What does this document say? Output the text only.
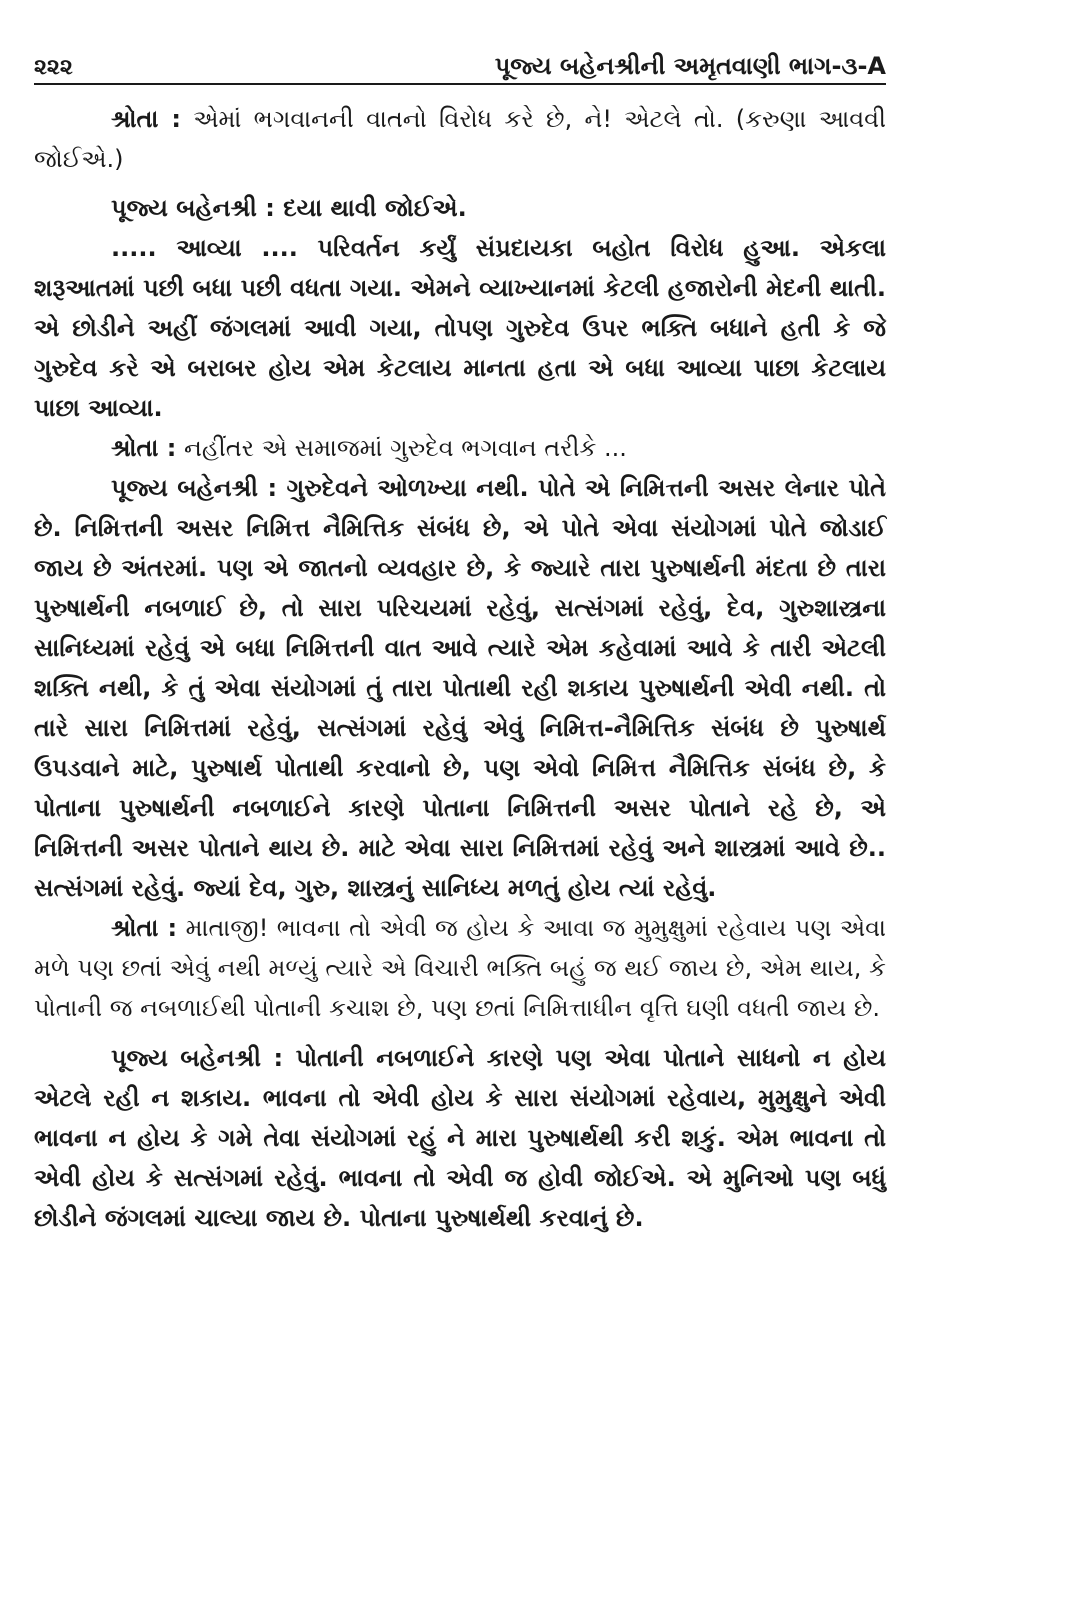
૨૨૨	પૂજ્ય બહેનશ્રીની અમૃતવાણી ભાગ-૩-A

શ્રોતા : એમાં ભગવાનની વાતનો વિરોધ કરે છે, ને! એટલે તો. (કરુણા આવવી જોઈએ.)

પૂજ્ય બહેનશ્રી : દયા થાવી જોઈએ.

..... આવ્યા .... પરિવર્તન કર્યું સંપ્રદાયકા બહોત વિરોધ હુઆ. એકલા શરૂઆતમાં પછી બધા પછી વધતા ગયા. એમને વ્યાખ્યાનમાં કેટલી હજારોની મેદની થાતી. એ છોડીને અહીં જંગલમાં આવી ગયા, તોપણ ગુરુદેવ ઉપર ભક્તિ બધાને હતી કે જે ગુરુદેવ કરે એ બરાબર હોય એમ કેટલાય માનતા હતા એ બધા આવ્યા પાછા કેટલાય પાછા આવ્યા.

શ્રોતા : નહીંતર એ સમાજમાં ગુરુદેવ ભગવાન તરીકે ...

પૂજ્ય બહેનશ્રી : ગુરુદેવને ઓળખ્યા નથી. પોતે એ નિમિત્તની અસર લેનાર પોતે છે. નિમિત્તની અસર નિમિત્ત નૈમિત્તિક સંબંધ છે, એ પોતે એવા સંયોગમાં પોતે જોડાઈ જાય છે અંતરમાં. પણ એ જાતનો વ્યવહાર છે, કે જ્યારે તારા પુરુષાર્થની મંદતા છે તારા પુરુષાર્થની નબળાઈ છે, તો સારા પરિચયમાં રહેવું, સત્સંગમાં રહેવું, દેવ, ગુરુશાસ્ત્રના સાનિધ્યમાં રહેવું એ બધા નિમિત્તની વાત આવે ત્યારે એમ કહેવામાં આવે કે તારી એટલી શક્તિ નથી, કે તું એવા સંયોગમાં તું તારા પોતાથી રહી શકાય પુરુષાર્થની એવી નથી. તો તારે સારા નિમિત્તમાં રહેવું, સત્સંગમાં રહેવું એવું નિમિત્ત-નૈમિત્તિક સંબંધ છે પુરુષાર્થ ઉપડવાને માટે, પુરુષાર્થ પોતાથી કરવાનો છે, પણ એવો નિમિત્ત નૈમિત્તિક સંબંધ છે, કે પોતાના પુરુષાર્થની નબળાઈને કારણે પોતાના નિમિત્તની અસર પોતાને રહે છે, એ નિમિત્તની અસર પોતાને થાય છે. માટે એવા સારા નિમિત્તમાં રહેવું અને શાસ્ત્રમાં આવે છે.. સત્સંગમાં રહેવું. જ્યાં દેવ, ગુરુ, શાસ્ત્રનું સાનિધ્ય મળતું હોય ત્યાં રહેવું.

શ્રોતા : માતાજી! ભાવના તો એવી જ હોય કે આવા જ મુમુક્ષુમાં રહેવાય પણ એવા મળે પણ છતાં એવું નથી મળ્યું ત્યારે એ વિચારી ભક્તિ બહું જ થઈ જાય છે, એમ થાય, કે પોતાની જ નબળાઈથી પોતાની કચાશ છે, પણ છતાં નિમિત્તાધીન વૃત્તિ ઘણી વધતી જાય છે.

પૂજ્ય બહેનશ્રી : પોતાની નબળાઈને કારણે પણ એવા પોતાને સાધનો ન હોય એટલે રહી ન શકાય. ભાવના તો એવી હોય કે સારા સંયોગમાં રહેવાય, મુમુક્ષુને એવી ભાવના ન હોય કે ગમે તેવા સંયોગમાં રહું ને મારા પુરુષાર્થથી કરી શકું. એમ ભાવના તો એવી હોય કે સત્સંગમાં રહેવું. ભાવના તો એવી જ હોવી જોઈએ. એ મુનિઓ પણ બધું છોડીને જંગલમાં ચાલ્યા જાય છે. પોતાના પુરુષાર્થથી કરવાનું છે.
